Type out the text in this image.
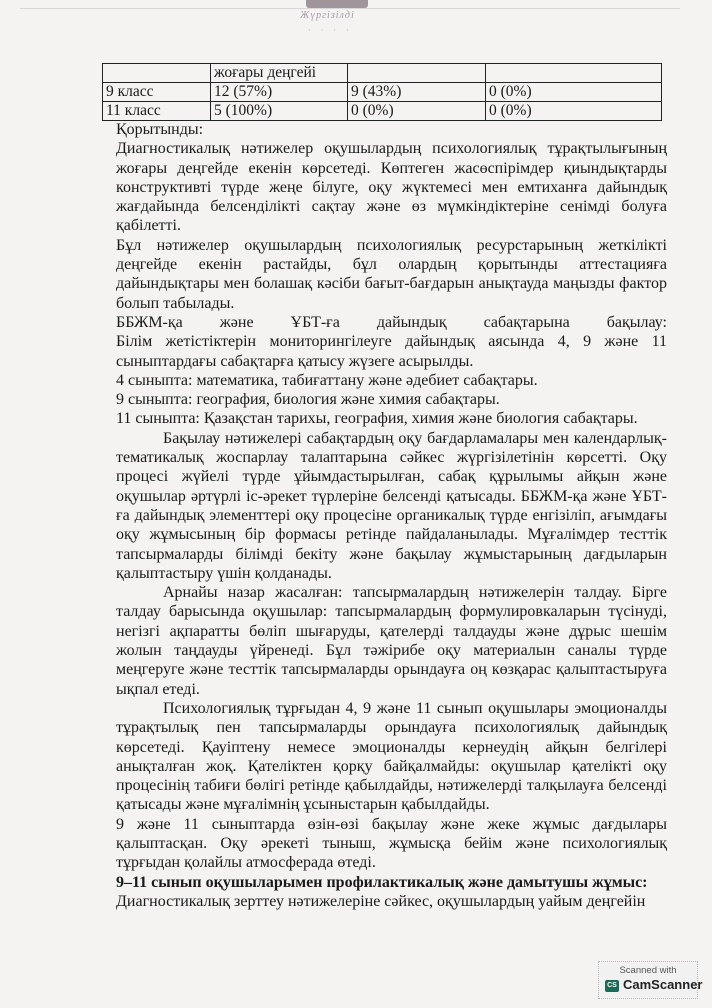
Жүргізілді
· · · ·
	жоғары деңгейі		
9 класс	12 (57%)	9 (43%)	0 (0%)
11 класс	5 (100%)	0 (0%)	0 (0%)

Қорытынды:

Диагностикалық нәтижелер оқушылардың психологиялық тұрақтылығының жоғары деңгейде екенін көрсетеді. Көптеген жасөспірімдер қиындықтарды конструктивті түрде жеңе білуге, оқу жүктемесі мен емтиханға дайындық жағдайында белсенділікті сақтау және өз мүмкіндіктеріне сенімді болуға қабілетті.

Бұл нәтижелер оқушылардың психологиялық ресурстарының жеткілікті деңгейде екенін растайды, бұл олардың қорытынды аттестацияға дайындықтары мен болашақ кәсіби бағыт-бағдарын анықтауда маңызды фактор болып табылады.

ББЖМ-қа және ҰБТ-ға дайындық сабақтарына бақылау:

Білім жетістіктерін мониторингілеуге дайындық аясында 4, 9 және 11 сыныптардағы сабақтарға қатысу жүзеге асырылды.

4 сыныпта: математика, табиғаттану және әдебиет сабақтары.

9 сыныпта: география, биология және химия сабақтары.

11 сыныпта: Қазақстан тарихы, география, химия және биология сабақтары.

Бақылау нәтижелері сабақтардың оқу бағдарламалары мен календарлық-тематикалық жоспарлау талаптарына сәйкес жүргізілетінін көрсетті. Оқу процесі жүйелі түрде ұйымдастырылған, сабақ құрылымы айқын және оқушылар әртүрлі іс-әрекет түрлеріне белсенді қатысады. ББЖМ-қа және ҰБТ-ға дайындық элементтері оқу процесіне органикалық түрде енгізіліп, ағымдағы оқу жұмысының бір формасы ретінде пайдаланылады. Мұғалімдер тесттік тапсырмаларды білімді бекіту және бақылау жұмыстарының дағдыларын қалыптастыру үшін қолданады.

Арнайы назар жасалған: тапсырмалардың нәтижелерін талдау. Бірге талдау барысында оқушылар: тапсырмалардың формулировкаларын түсінуді, негізгі ақпаратты бөліп шығаруды, қателерді талдауды және дұрыс шешім жолын таңдауды үйренеді. Бұл тәжірибе оқу материалын саналы түрде меңгеруге және тесттік тапсырмаларды орындауға оң көзқарас қалыптастыруға ықпал етеді.

Психологиялық тұрғыдан 4, 9 және 11 сынып оқушылары эмоционалды тұрақтылық пен тапсырмаларды орындауға психологиялық дайындық көрсетеді. Қауіптену немесе эмоционалды кернеудің айқын белгілері анықталған жоқ. Қателіктен қорқу байқалмайды: оқушылар қателікті оқу процесінің табиғи бөлігі ретінде қабылдайды, нәтижелерді талқылауға белсенді қатысады және мұғалімнің ұсыныстарын қабылдайды.

9 және 11 сыныптарда өзін-өзі бақылау және жеке жұмыс дағдылары қалыптасқан. Оқу әрекеті тыныш, жұмысқа бейім және психологиялық тұрғыдан қолайлы атмосферада өтеді.

9–11 сынып оқушыларымен профилактикалық және дамытушы жұмыс:

Диагностикалық зерттеу нәтижелеріне сәйкес, оқушылардың уайым деңгейін

Scanned with
CS CamScanner
